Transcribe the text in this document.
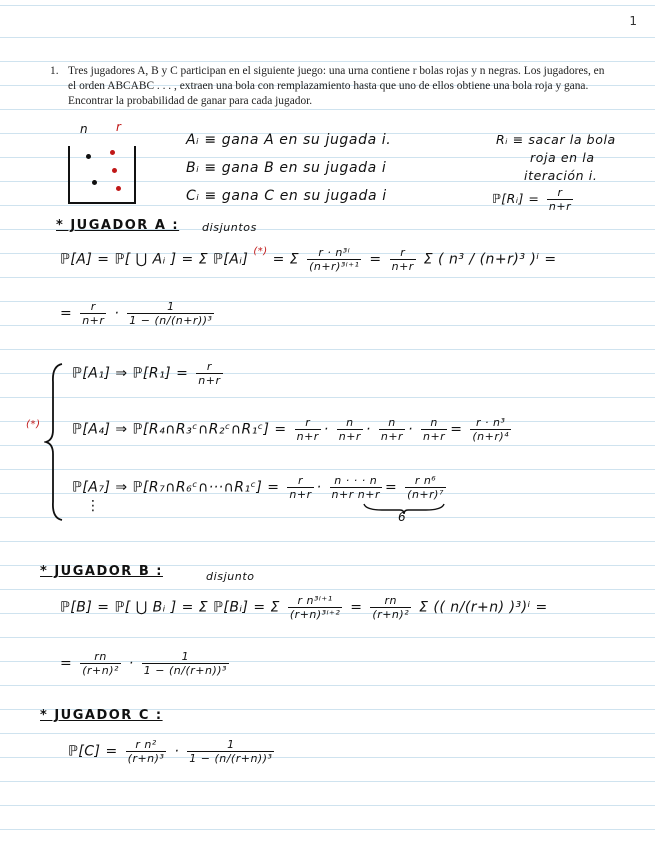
1
1. Tres jugadores A, B y C participan en el siguiente juego: una urna contiene r bolas rojas y n negras. Los jugadores, en el orden ABCABC . . . , extraen una bola con remplazamiento hasta que uno de ellos obtiene una bola roja y gana. Encontrar la probabilidad de ganar para cada jugador.
n r
Aᵢ ≡ gana A en su jugada i.
Bᵢ ≡ gana B en su jugada i
Cᵢ ≡ gana C en su jugada i
Rᵢ ≡ sacar la bola
roja en la
iteración i.
ℙ[Rᵢ] = $\frac{r}{n+r}$
* JUGADOR A : disjuntos
ℙ[A] = ℙ[ ⋃ Aᵢ ] = Σ ℙ[Aᵢ] (*) = Σ $\frac{\text{r · n³ⁱ}}{\text{(n+r)³ⁱ⁺¹}} = \frac{r}{n+r}$ Σ ( n³ / (n+r)³ )ⁱ =
= $\frac{r}{n+r} \cdot \frac{1}{\text{1 − (n/(n+r))³}}$
(*)
ℙ[A₁] ⇒ ℙ[R₁] = $\frac{r}{n+r}$
ℙ[A₄] ⇒ ℙ[R₄∩R₃ᶜ∩R₂ᶜ∩R₁ᶜ] = $\frac{r}{n+r} \cdot \frac{n}{n+r} \cdot \frac{n}{n+r} \cdot \frac{n}{n+r} = \frac{\text{r · n³}}{\text{(n+r)⁴}}$
ℙ[A₇] ⇒ ℙ[R₇∩R₆ᶜ∩···∩R₁ᶜ] = $\frac{r}{n+r} \cdot \frac{n \cdot \cdot \cdot n}{\text{n+r n+r}} = \frac{\text{r n⁶}}{\text{(n+r)⁷}}$
6
⋮
* JUGADOR B :	disjunto
ℙ[B] = ℙ[ ⋃ Bᵢ ] = Σ ℙ[Bᵢ] = Σ $\frac{\text{r n³ⁱ⁺¹}}{\text{(r+n)³ⁱ⁺²}} = \frac{rn}{\text{(r+n)²}}$ Σ (( n/(r+n) )³)ⁱ =
= $\frac{rn}{\text{(r+n)²}} \cdot \frac{1}{\text{1 − (n/(r+n))³}}$
* JUGADOR C :
ℙ[C] = $\frac{\text{r n²}}{\text{(r+n)³}} \cdot \frac{1}{\text{1 − (n/(r+n))³}}$
